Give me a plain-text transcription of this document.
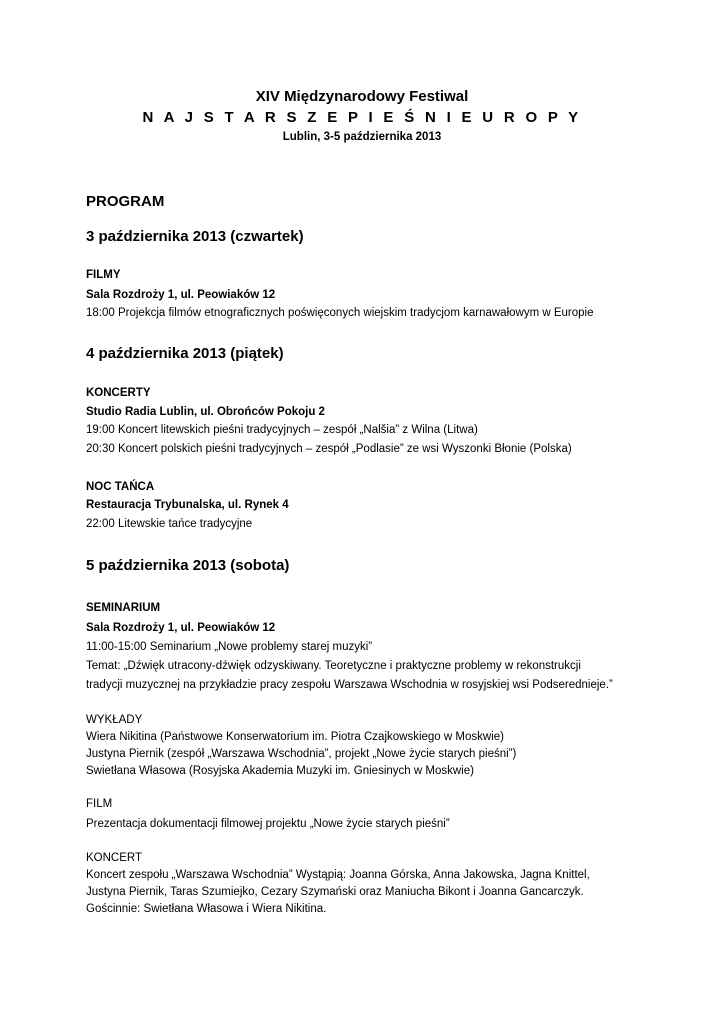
XIV Międzynarodowy Festiwal
N A J S T A R S Z E P I E Ś N I E U R O P Y
Lublin, 3-5 października 2013
PROGRAM
3 października 2013 (czwartek)
FILMY
Sala Rozdroży 1, ul. Peowiaków 12
18:00 Projekcja filmów etnograficznych poświęconych wiejskim tradycjom karnawałowym w Europie
4 października 2013 (piątek)
KONCERTY
Studio Radia Lublin, ul. Obrońców Pokoju 2
19:00 Koncert litewskich pieśni tradycyjnych – zespół „Nalšia” z Wilna (Litwa)
20:30 Koncert polskich pieśni tradycyjnych – zespół „Podlasie” ze wsi Wyszonki Błonie (Polska)
NOC TAŃCA
Restauracja Trybunalska, ul. Rynek 4
22:00 Litewskie tańce tradycyjne
5 października 2013 (sobota)
SEMINARIUM
Sala Rozdroży 1, ul. Peowiaków 12
11:00-15:00 Seminarium „Nowe problemy starej muzyki”
Temat: „Dźwięk utracony-dźwięk odzyskiwany. Teoretyczne i praktyczne problemy w rekonstrukcji
tradycji muzycznej na przykładzie pracy zespołu Warszawa Wschodnia w rosyjskiej wsi Podserednieje.”
WYKŁADY
Wiera Nikitina (Państwowe Konserwatorium im. Piotra Czajkowskiego w Moskwie)
Justyna Piernik (zespół „Warszawa Wschodnia”, projekt „Nowe życie starych pieśni”)
Swietłana Własowa (Rosyjska Akademia Muzyki im. Gniesinych w Moskwie)
FILM
Prezentacja dokumentacji filmowej projektu „Nowe życie starych pieśni”
KONCERT
Koncert zespołu „Warszawa Wschodnia” Wystąpią: Joanna Górska, Anna Jakowska, Jagna Knittel,
Justyna Piernik, Taras Szumiejko, Cezary Szymański oraz Maniucha Bikont i Joanna Gancarczyk.
Gościnnie: Swietłana Własowa i Wiera Nikitina.
